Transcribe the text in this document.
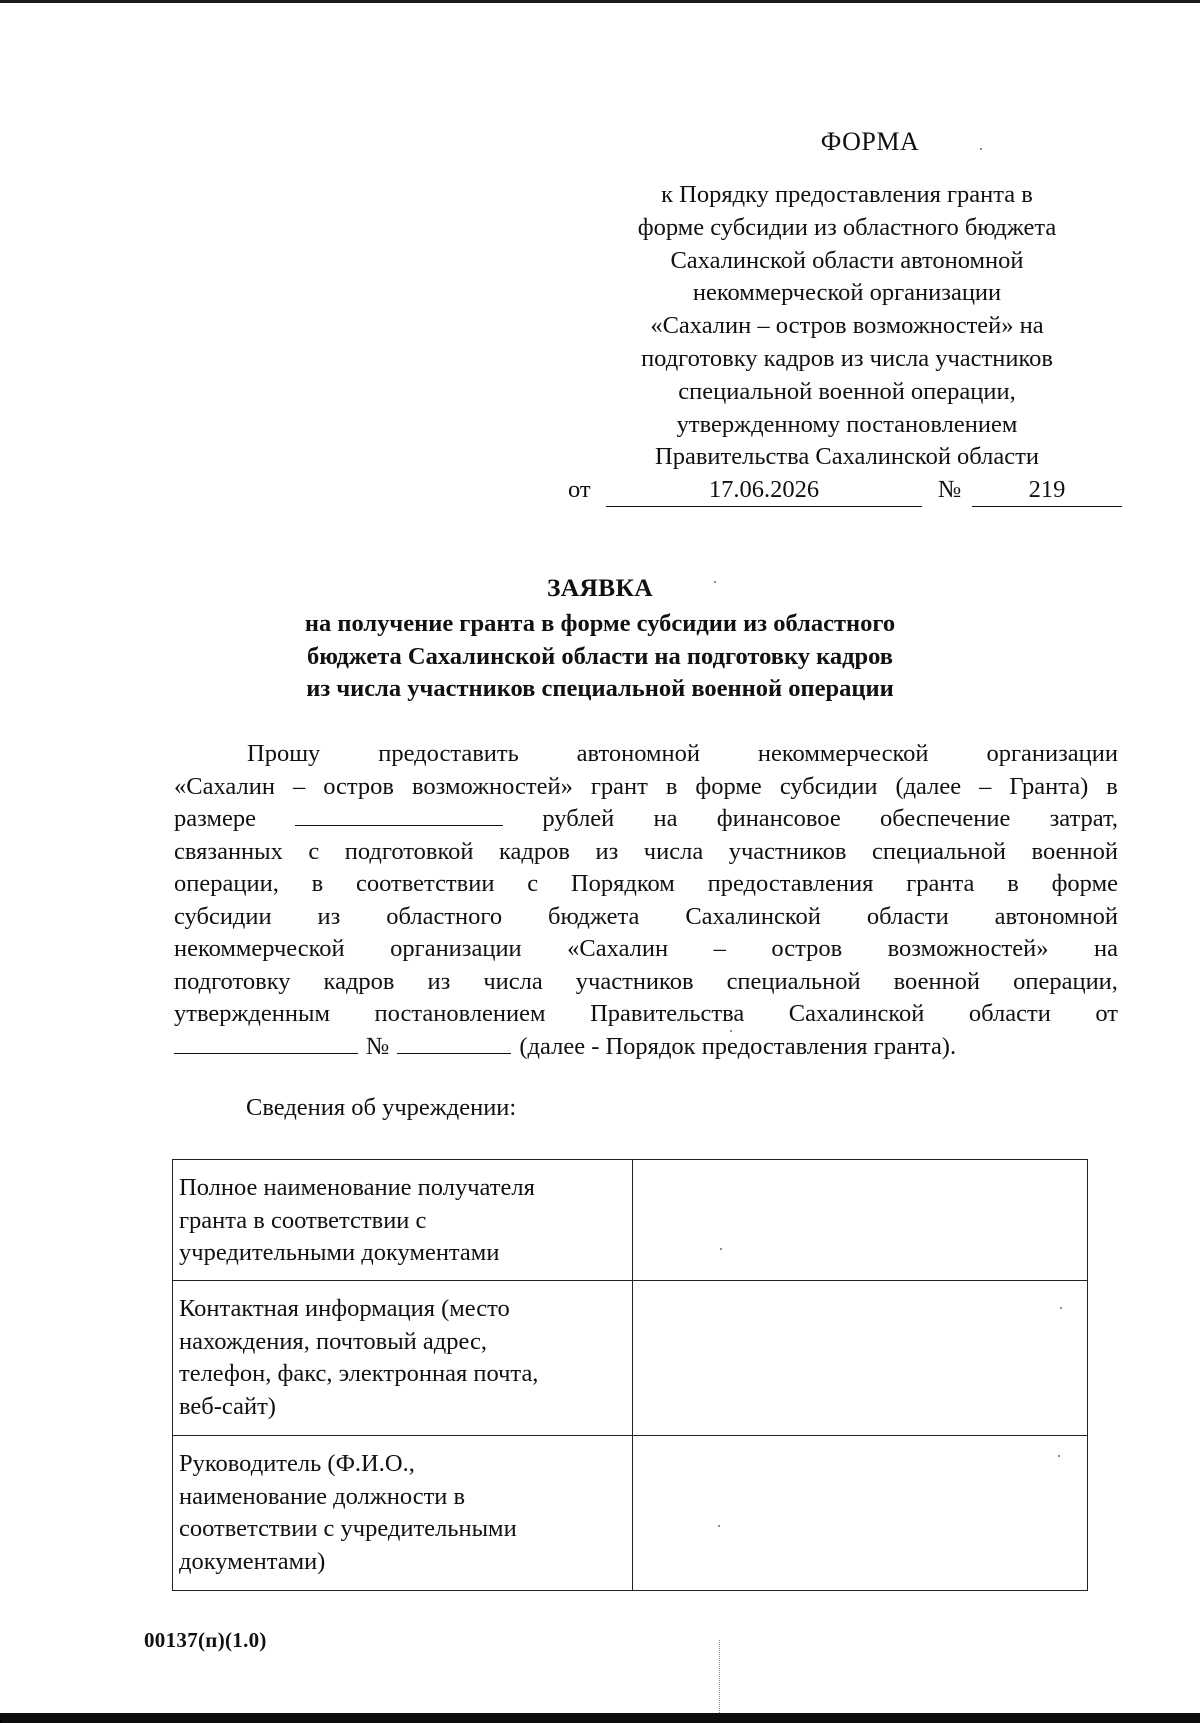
ФОРМА
к Порядку предоставления гранта в
форме субсидии из областного бюджета
Сахалинской области автономной
некоммерческой организации
«Сахалин – остров возможностей» на
подготовку кадров из числа участников
специальной военной операции,
утвержденному постановлением
Правительства Сахалинской области
от	17.06.2026	№	219
ЗАЯВКА
на получение гранта в форме субсидии из областного
бюджета Сахалинской области на подготовку кадров
из числа участников специальной военной операции
Прошу предоставить автономной некоммерческой организации
«Сахалин – остров возможностей» грант в форме субсидии (далее – Гранта) в
размере	рублей на финансовое обеспечение затрат,
связанных с подготовкой кадров из числа участников специальной военной
операции, в соответствии с Порядком предоставления гранта в форме
субсидии из областного бюджета Сахалинской области автономной
некоммерческой организации «Сахалин – остров возможностей» на
подготовку кадров из числа участников специальной военной операции,
утвержденным постановлением Правительства Сахалинской области от
№	(далее - Порядок предоставления гранта).
Сведения об учреждении:
Полное наименование получателя
гранта в соответствии с
учредительными документами	

Контактная информация (место
нахождения, почтовый адрес,
телефон, факс, электронная почта,
веб-сайт)	

Руководитель (Ф.И.О.,
наименование должности в
соответствии с учредительными
документами)	

00137(п)(1.0)
